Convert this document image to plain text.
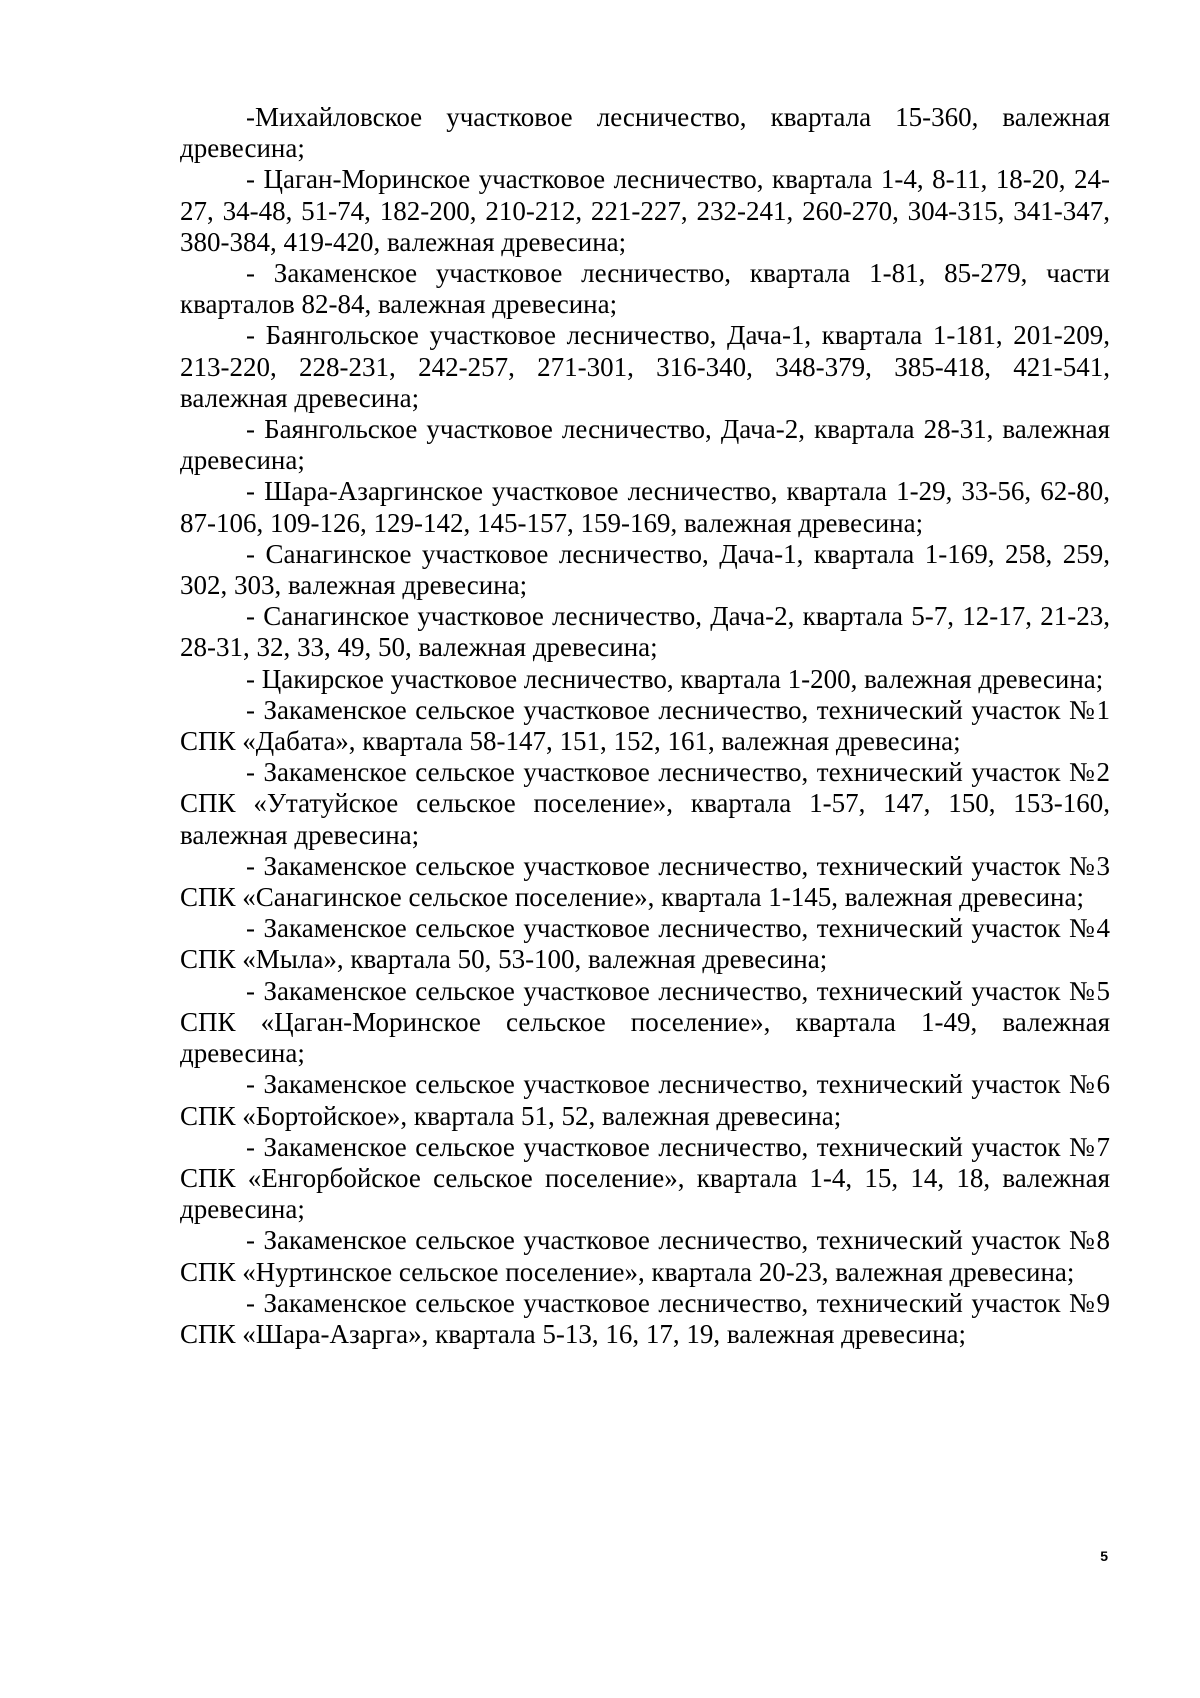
-Михайловское участковое лесничество, квартала 15-360, валежная древесина;

- Цаган-Моринское участковое лесничество, квартала 1-4, 8-11, 18-20, 24-27, 34-48, 51-74, 182-200, 210-212, 221-227, 232-241, 260-270, 304-315, 341-347, 380-384, 419-420, валежная древесина;

- Закаменское участковое лесничество, квартала 1-81, 85-279, части кварталов 82-84, валежная древесина;

- Баянгольское участковое лесничество, Дача-1, квартала 1-181, 201-209, 213-220, 228-231, 242-257, 271-301, 316-340, 348-379, 385-418, 421-541, валежная древесина;

- Баянгольское участковое лесничество, Дача-2, квартала 28-31, валежная древесина;

- Шара-Азаргинское участковое лесничество, квартала 1-29, 33-56, 62-80, 87-106, 109-126, 129-142, 145-157, 159-169, валежная древесина;

- Санагинское участковое лесничество, Дача-1, квартала 1-169, 258, 259, 302, 303, валежная древесина;

- Санагинское участковое лесничество, Дача-2, квартала 5-7, 12-17, 21-23, 28-31, 32, 33, 49, 50, валежная древесина;

- Цакирское участковое лесничество, квартала 1-200, валежная древесина;

- Закаменское сельское участковое лесничество, технический участок №1 СПК «Дабата», квартала 58-147, 151, 152, 161, валежная древесина;

- Закаменское сельское участковое лесничество, технический участок №2 СПК «Утатуйское сельское поселение», квартала 1-57, 147, 150, 153-160, валежная древесина;

- Закаменское сельское участковое лесничество, технический участок №3 СПК «Санагинское сельское поселение», квартала 1-145, валежная древесина;

- Закаменское сельское участковое лесничество, технический участок №4 СПК «Мыла», квартала 50, 53-100, валежная древесина;

- Закаменское сельское участковое лесничество, технический участок №5 СПК «Цаган-Моринское сельское поселение», квартала 1-49, валежная древесина;

- Закаменское сельское участковое лесничество, технический участок №6 СПК «Бортойское», квартала 51, 52, валежная древесина;

- Закаменское сельское участковое лесничество, технический участок №7 СПК «Енгорбойское сельское поселение», квартала 1-4, 15, 14, 18, валежная древесина;

- Закаменское сельское участковое лесничество, технический участок №8 СПК «Нуртинское сельское поселение», квартала 20-23, валежная древесина;

- Закаменское сельское участковое лесничество, технический участок №9 СПК «Шара-Азарга», квартала 5-13, 16, 17, 19, валежная древесина;

5
